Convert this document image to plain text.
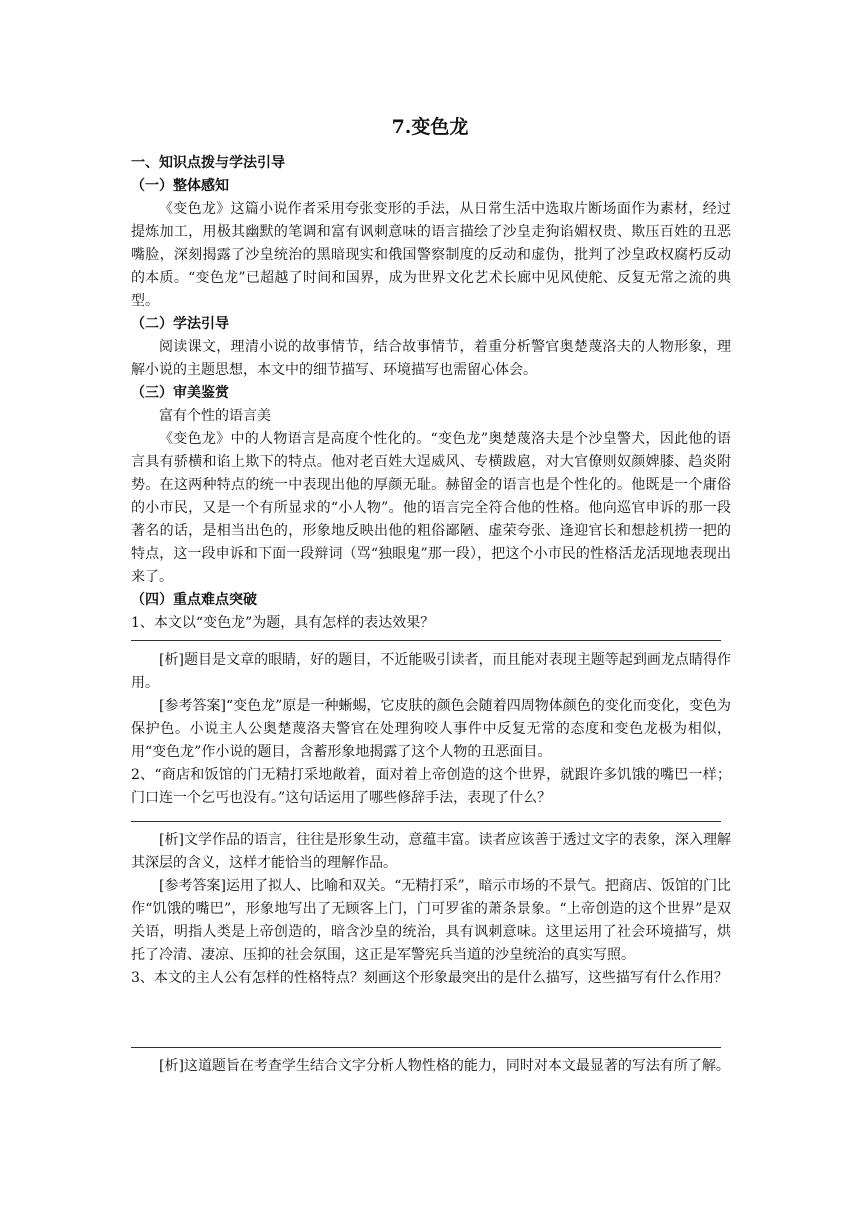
7.变色龙
一、知识点拨与学法引导
（一）整体感知
《变色龙》这篇小说作者采用夸张变形的手法，从日常生活中选取片断场面作为素材，经过提炼加工，用极其幽默的笔调和富有讽刺意味的语言描绘了沙皇走狗谄媚权贵、欺压百姓的丑恶嘴脸，深刻揭露了沙皇统治的黑暗现实和俄国警察制度的反动和虚伪，批判了沙皇政权腐朽反动的本质。“变色龙”已超越了时间和国界，成为世界文化艺术长廊中见风使舵、反复无常之流的典型。
（二）学法引导
阅读课文，理清小说的故事情节，结合故事情节，着重分析警官奥楚蔑洛夫的人物形象，理解小说的主题思想，本文中的细节描写、环境描写也需留心体会。
（三）审美鉴赏
富有个性的语言美
《变色龙》中的人物语言是高度个性化的。“变色龙”奥楚蔑洛夫是个沙皇警犬，因此他的语言具有骄横和谄上欺下的特点。他对老百姓大逞威风、专横跋扈，对大官僚则奴颜婢膝、趋炎附势。在这两种特点的统一中表现出他的厚颜无耻。赫留金的语言也是个性化的。他既是一个庸俗的小市民，又是一个有所显求的“小人物”。他的语言完全符合他的性格。他向巡官申诉的那一段著名的话，是相当出色的，形象地反映出他的粗俗鄙陋、虚荣夸张、逢迎官长和想趁机捞一把的特点，这一段申诉和下面一段辩词（骂“独眼鬼”那一段），把这个小市民的性格活龙活现地表现出来了。
（四）重点难点突破
1、本文以“变色龙”为题，具有怎样的表达效果？
[析]题目是文章的眼睛，好的题目，不近能吸引读者，而且能对表现主题等起到画龙点睛得作用。
[参考答案]“变色龙”原是一种蜥蜴，它皮肤的颜色会随着四周物体颜色的变化而变化，变色为保护色。小说主人公奥楚蔑洛夫警官在处理狗咬人事件中反复无常的态度和变色龙极为相似，用“变色龙”作小说的题目，含蓄形象地揭露了这个人物的丑恶面目。
2、“商店和饭馆的门无精打采地敞着，面对着上帝创造的这个世界，就跟许多饥饿的嘴巴一样；门口连一个乞丐也没有。”这句话运用了哪些修辞手法，表现了什么？
[析]文学作品的语言，往往是形象生动，意蕴丰富。读者应该善于透过文字的表象，深入理解其深层的含义，这样才能恰当的理解作品。
[参考答案]运用了拟人、比喻和双关。“无精打采”，暗示市场的不景气。把商店、饭馆的门比作“饥饿的嘴巴”，形象地写出了无顾客上门，门可罗雀的萧条景象。“上帝创造的这个世界”是双关语，明指人类是上帝创造的，暗含沙皇的统治，具有讽刺意味。这里运用了社会环境描写，烘托了冷清、凄凉、压抑的社会氛围，这正是军警宪兵当道的沙皇统治的真实写照。
3、本文的主人公有怎样的性格特点？刻画这个形象最突出的是什么描写，这些描写有什么作用？
[析]这道题旨在考查学生结合文字分析人物性格的能力，同时对本文最显著的写法有所了解。
